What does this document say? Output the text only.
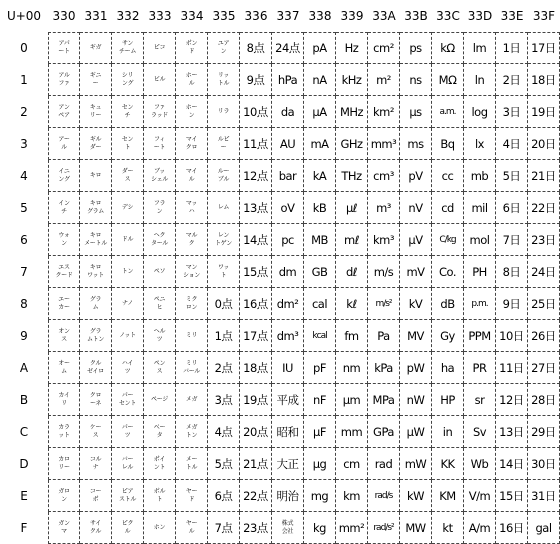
U+00 330 331 332 333 334 335 336 337 338 339 33A 33B 33C 33D 33E 33F
0
1
2
3
4
5
6
7
8
9
A
B
C
D
E
F
アパ
ート
アル
ファ
アン
ペア
アー
ル
イニ
ング
イン
チ
ウォ
ン
エス
クード
エー
カー
オン
ス
オー
ム
カイ
リ
カラ
ット
カロ
リー
ガロ
ン
ガン
マ
ギガ

ギニ
ー
キュ
リー
ギル
ダー
キロ

キロ
グラム
キロ
メートル
キロ
ワット
グラ
ム
グラ
ムトン
クル
ゼイロ
クロ
ーネ
ケー
ス
コル
ナ
コー
ポ
サイ
クル
サン
チーム
シリ
ング
セン
チ
セン
ト
ダー
ス
デシ

ドル

トン

ナノ

ノット

ハイ
ツ
パー
セント
パー
ツ
バー
レル
ピア
ストル
ピク
ル
ピコ

ビル

ファ
ラッド
フィ
ート
ブッ
シェル
フラ
ン
ヘク
タール
ペソ

ペニ
ヒ
ヘル
ツ
ペン
ス
ページ

ベー
タ
ポイ
ント
ボル
ト
ホン

ポン
ド
ホー
ル
ホー
ン
マイ
クロ
マイ
ル
マッ
ハ
マル
ク
マン
ション
ミク
ロン
ミリ

ミリ
バール
メガ

メガ
トン
メー
トル
ヤー
ド
ヤー
ル
ユア
ン
リッ
トル
リラ

ルピ
ー
ルー
ブル
レム

レン
トゲン
ワッ
ト
0点
1点
2点
3点
4点
5点
6点
7点
8点
9点
10点
11点
12点
13点
14点
15点
16点
17点
18点
19点
20点
21点
22点
23点
24点
hPa
da
AU
bar
oV
pc
dm
dm²
dm³
IU
平成
昭和
大正
明治
株式
会社
pA
nA
μA
mA
kA
kB
MB
GB
cal
kcal
pF
nF
μF
μg
mg
kg
Hz
kHz
MHz
GHz
THz
μℓ
mℓ
dℓ
kℓ
fm
nm
μm
mm
cm
km
mm²
cm²
m²
km²
mm³
cm³
m³
km³
m/s
m/s²
Pa
kPa
MPa
GPa
rad
rad/s
rad/s²
ps
ns
μs
ms
pV
nV
μV
mV
kV
MV
pW
nW
μW
mW
kW
MW
kΩ
MΩ
a.m.
Bq
cc
cd
C/kg
Co.
dB
Gy
ha
HP
in
KK
KM
kt
lm
ln
log
lx
mb
mil
mol
PH
p.m.
PPM
PR
sr
Sv
Wb
V/m
A/m
1日
2日
3日
4日
5日
6日
7日
8日
9日
10日
11日
12日
13日
14日
15日
16日
17日
18日
19日
20日
21日
22日
23日
24日
25日
26日
27日
28日
29日
30日
31日
gal
